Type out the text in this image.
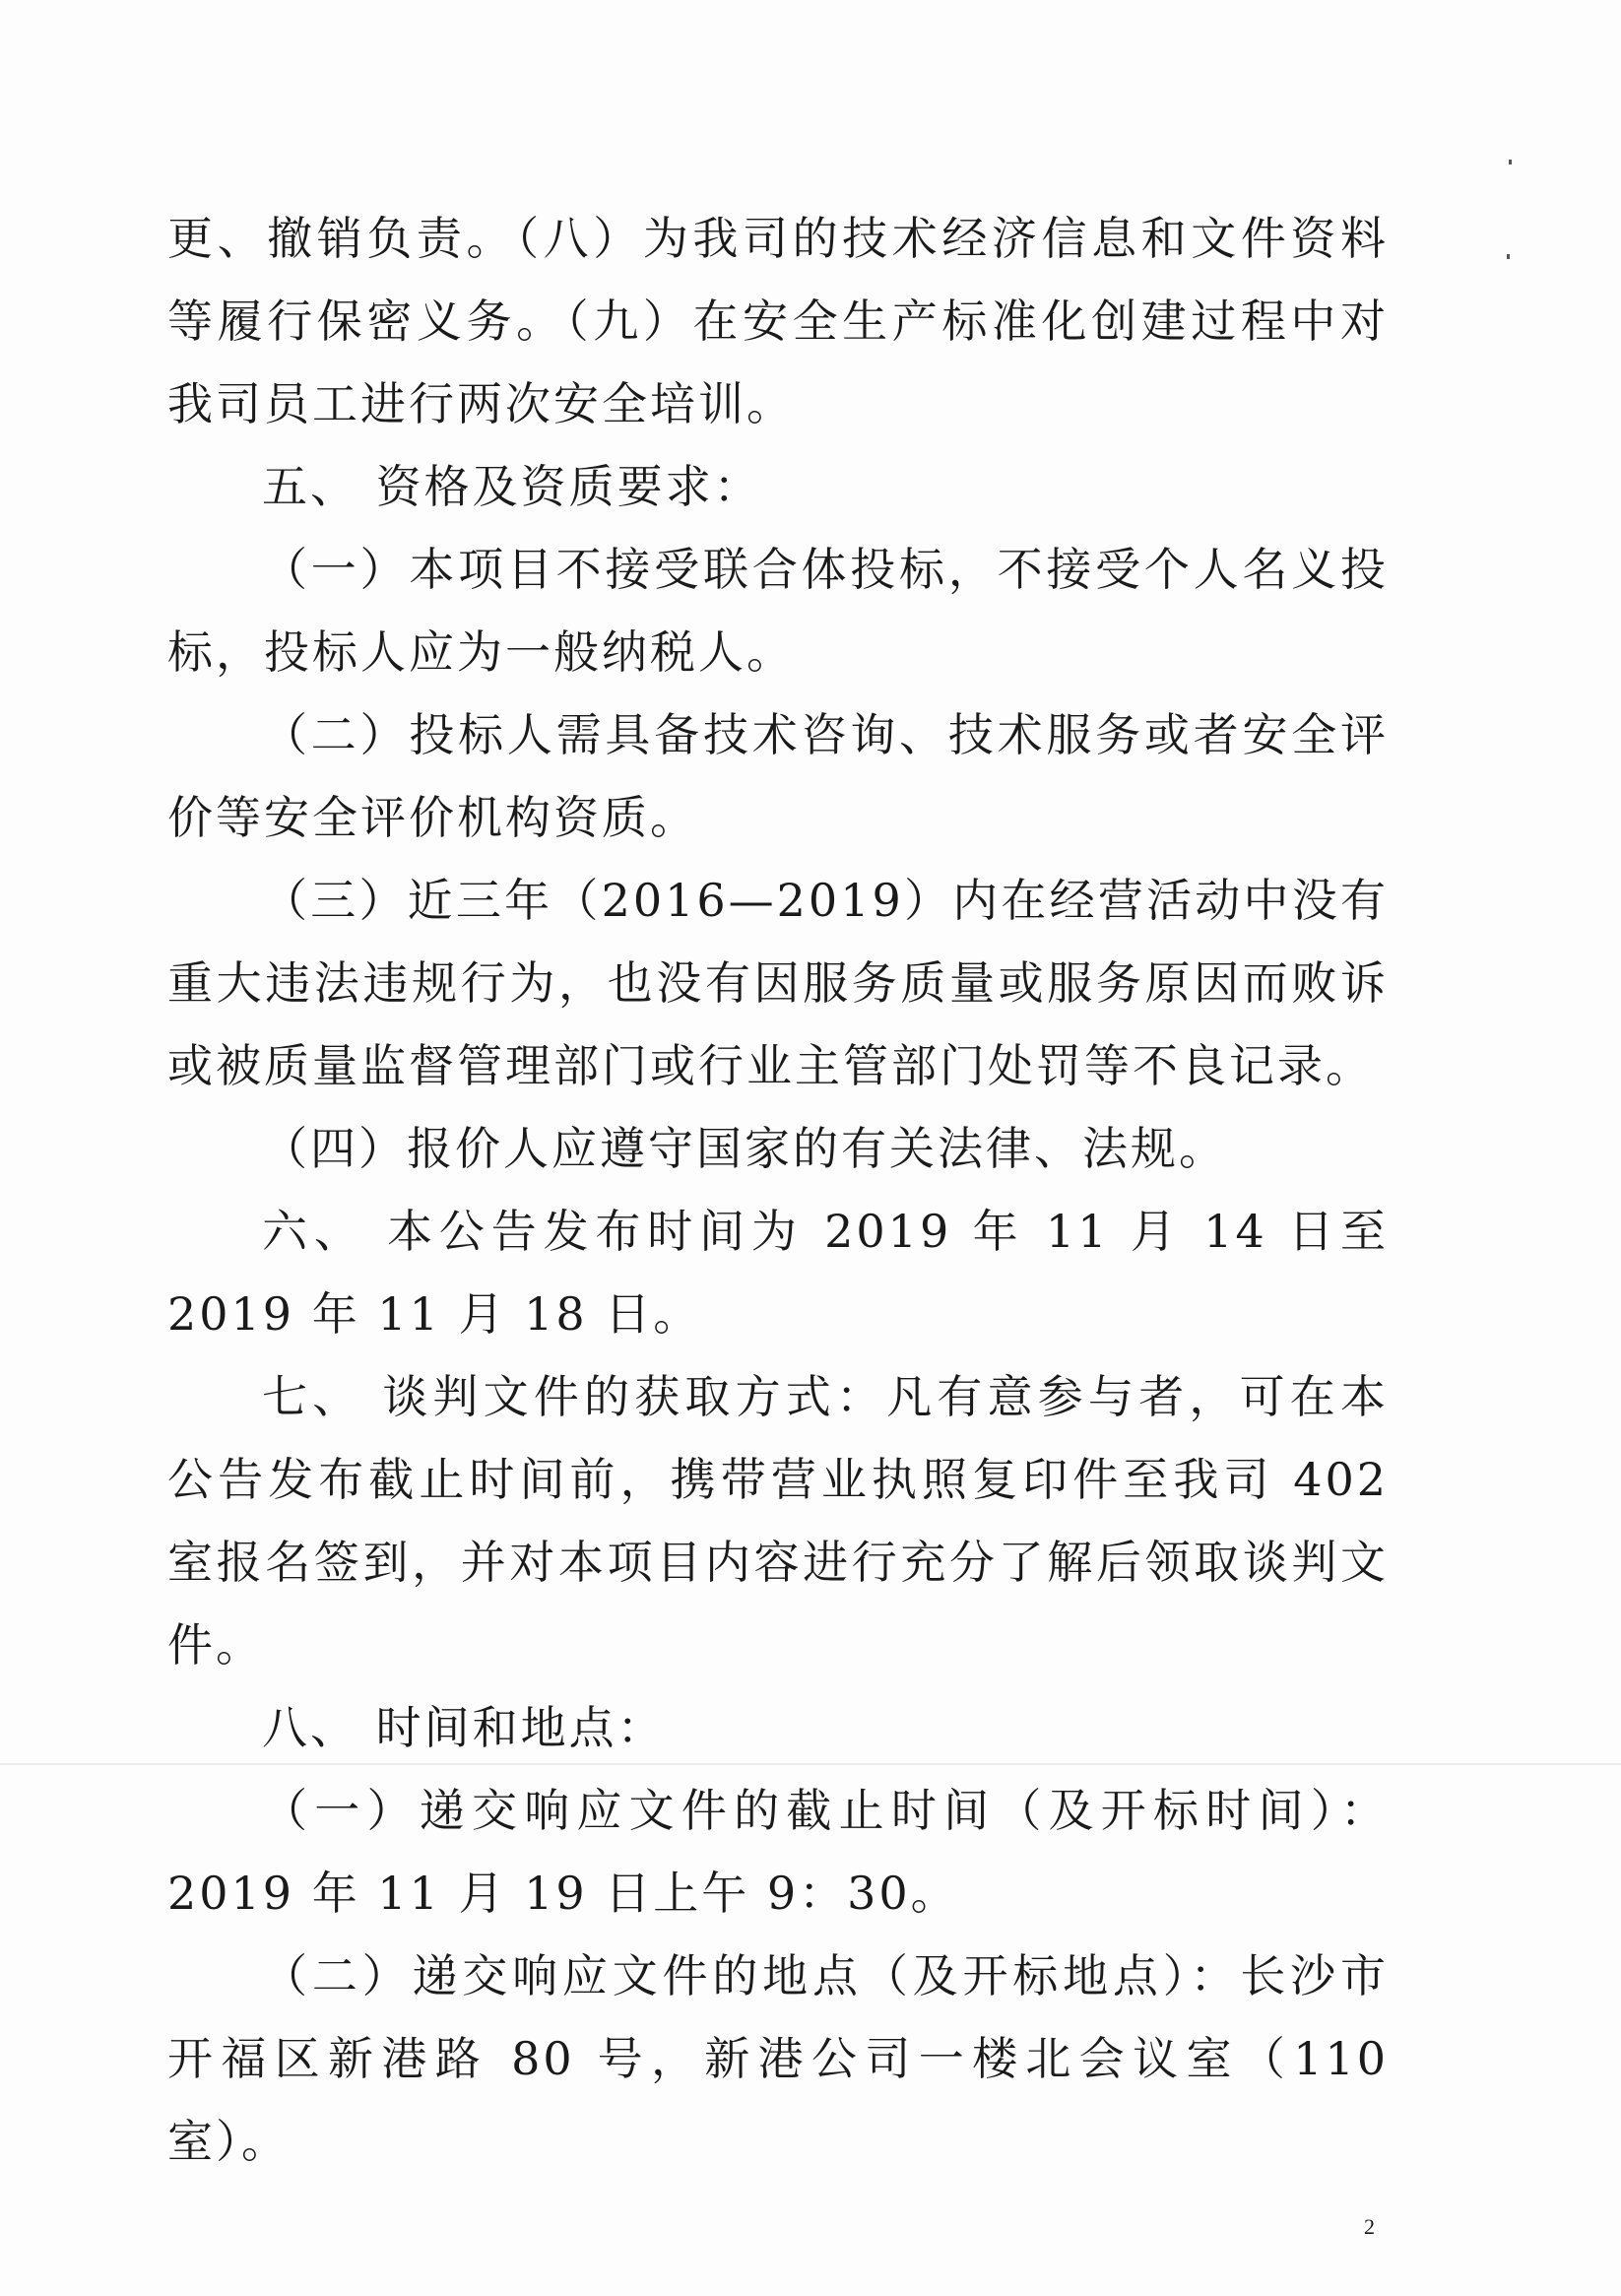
更、撤销负责。（八）为我司的技术经济信息和文件资料等履行保密义务。（九）在安全生产标准化创建过程中对我司员工进行两次安全培训。

五、 资格及资质要求：

（一）本项目不接受联合体投标，不接受个人名义投标，投标人应为一般纳税人。

（二）投标人需具备技术咨询、技术服务或者安全评价等安全评价机构资质。

（三）近三年（2016—2019）内在经营活动中没有重大违法违规行为，也没有因服务质量或服务原因而败诉或被质量监督管理部门或行业主管部门处罚等不良记录。

（四）报价人应遵守国家的有关法律、法规。

六、 本公告发布时间为 2019 年 11 月 14 日至 2019 年 11 月 18 日。

七、 谈判文件的获取方式：凡有意参与者，可在本公告发布截止时间前，携带营业执照复印件至我司 402 室报名签到，并对本项目内容进行充分了解后领取谈判文件。

八、 时间和地点：

（一）递交响应文件的截止时间（及开标时间）：2019 年 11 月 19 日上午 9：30。

（二）递交响应文件的地点（及开标地点）：长沙市开福区新港路 80 号，新港公司一楼北会议室（110 室）。

2
